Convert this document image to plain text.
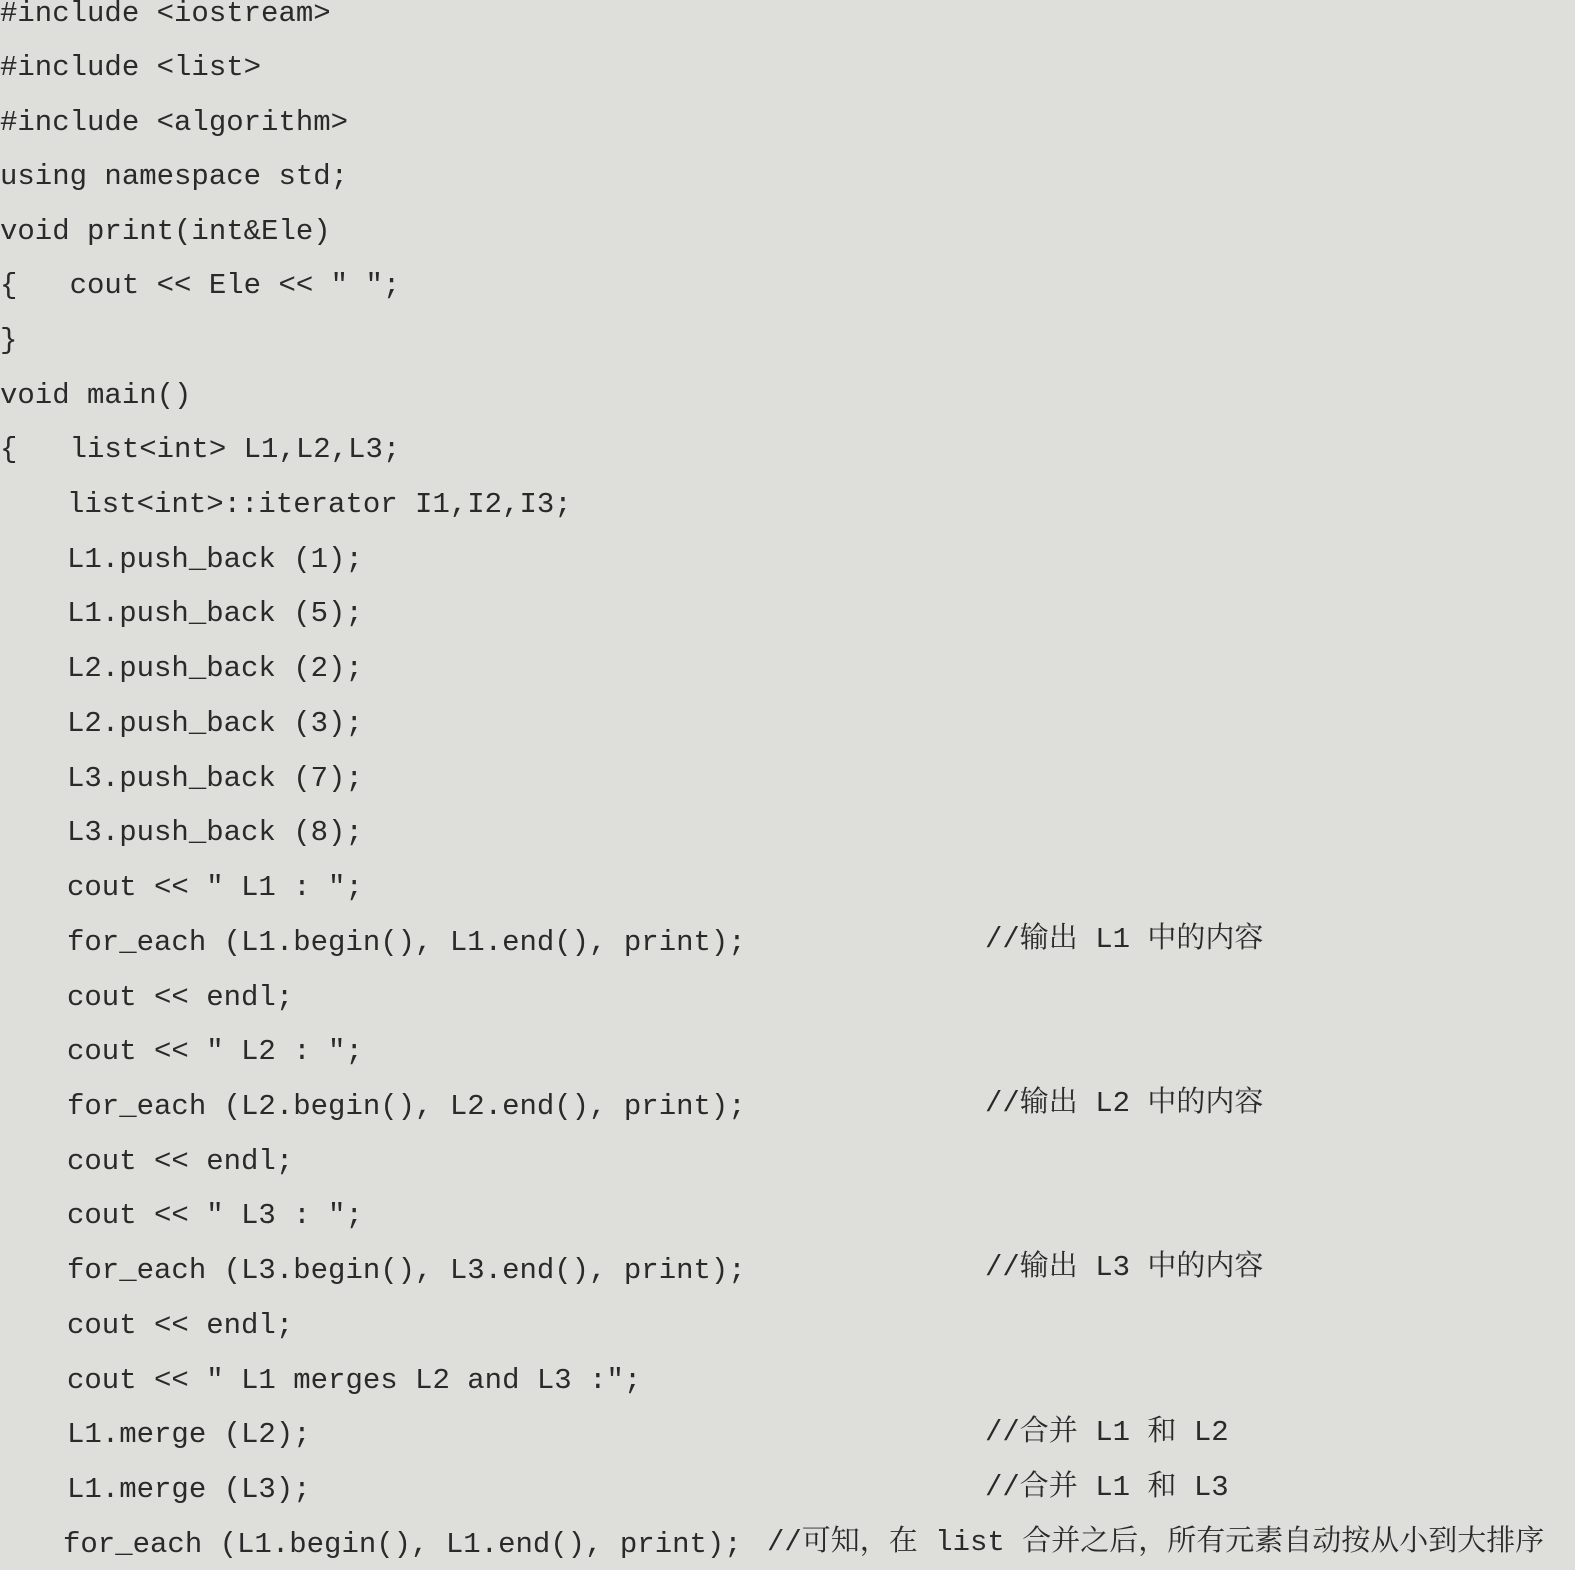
#include <iostream>
#include <list>
#include <algorithm>
using namespace std;
void print(int&Ele)
{   cout << Ele << " ";
}
void main()
{   list<int> L1,L2,L3;
list<int>::iterator I1,I2,I3;
L1.push_back (1);
L1.push_back (5);
L2.push_back (2);
L2.push_back (3);
L3.push_back (7);
L3.push_back (8);
cout << " L1 : ";
for_each (L1.begin(), L1.end(), print);	//输出 L1 中的内容
cout << endl;
cout << " L2 : ";
for_each (L2.begin(), L2.end(), print);	//输出 L2 中的内容
cout << endl;
cout << " L3 : ";
for_each (L3.begin(), L3.end(), print);	//输出 L3 中的内容
cout << endl;
cout << " L1 merges L2 and L3 :";
L1.merge (L2);	//合并 L1 和 L2
L1.merge (L3);	//合并 L1 和 L3
for_each (L1.begin(), L1.end(), print); //可知，在 list 合并之后，所有元素自动按从小到大排序
